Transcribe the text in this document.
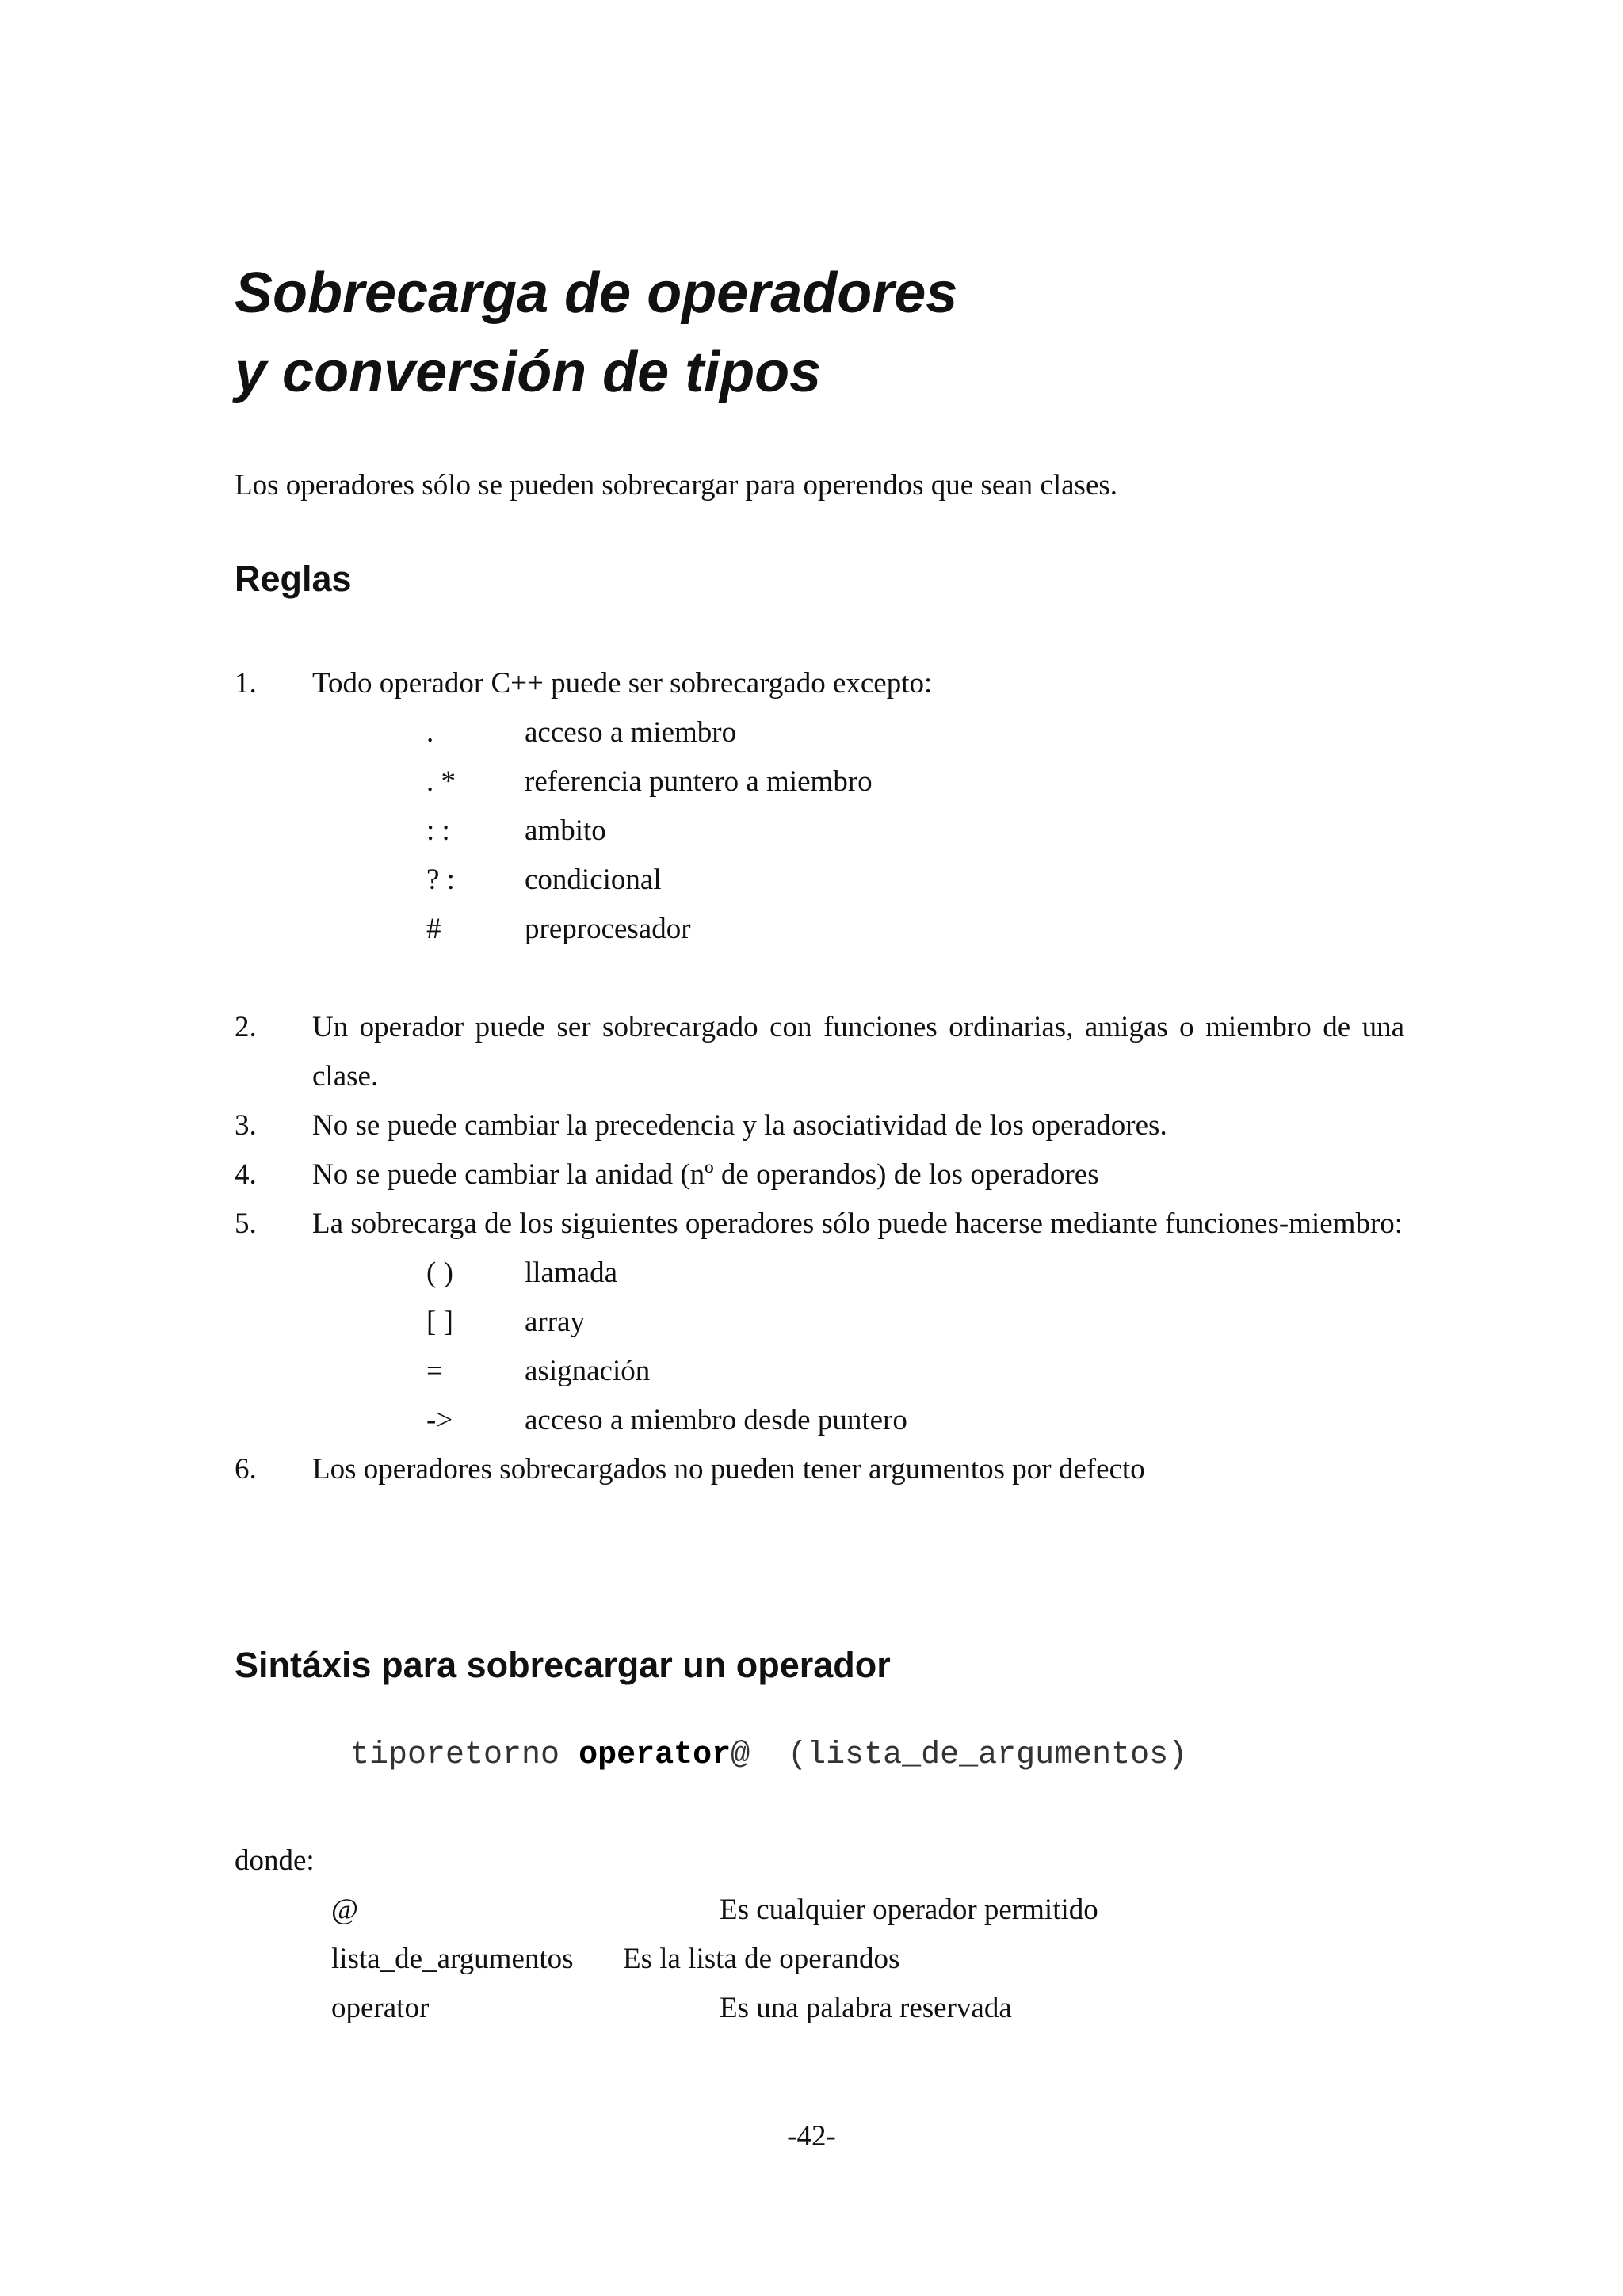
Sobrecarga de operadores
y conversión de tipos
Los operadores sólo se pueden sobrecargar para operendos que sean clases.
Reglas
1.	Todo operador C++ puede ser sobrecargado excepto:
.	acceso a miembro
. *	referencia puntero a miembro
: :	ambito
? :	condicional
#	preprocesador
2.	Un operador puede ser sobrecargado con funciones ordinarias, amigas o miembro de una clase.
3.	No se puede cambiar la precedencia y la asociatividad de los operadores.
4.	No se puede cambiar la anidad (nº de operandos) de los operadores
5.	La sobrecarga de los siguientes operadores sólo puede hacerse mediante funciones-miembro:
( )	llamada
[ ]	array
=	asignación
->	acceso a miembro desde puntero
6.	Los operadores sobrecargados no pueden tener argumentos por defecto
Sintáxis para sobrecargar un operador
tiporetorno operator@  (lista_de_argumentos)
donde:
@	Es cualquier operador permitido
lista_de_argumentos Es la lista de operandos
operator	Es una palabra reservada
-42-
